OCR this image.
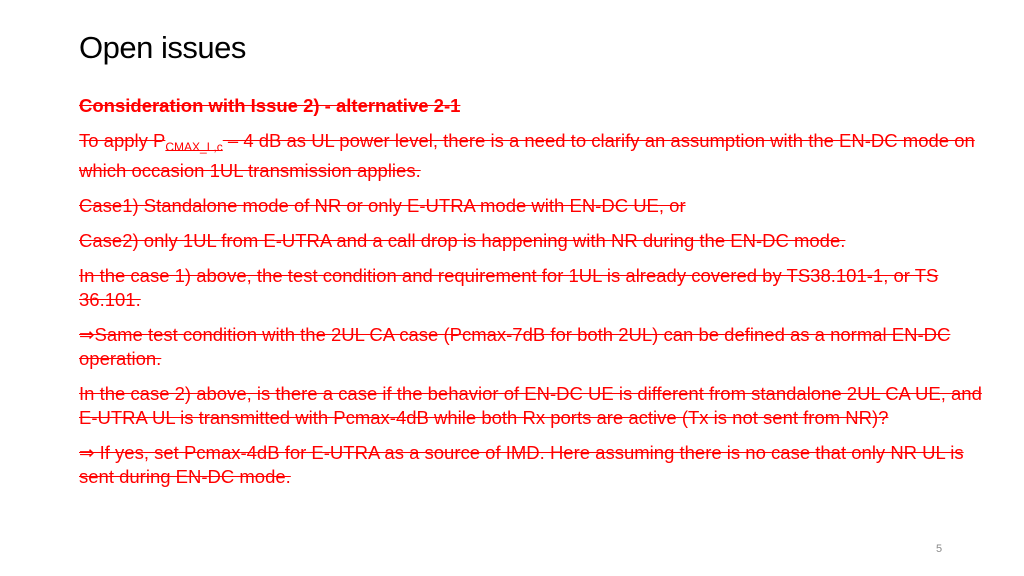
Open issues

Consideration with Issue 2) - alternative 2-1

To apply $P_{CMAX\_L,c} - 4$ dB as UL power level, there is a need to clarify an assumption with the EN-DC mode on which occasion 1UL transmission applies.

Case1) Standalone mode of NR or only E-UTRA mode with EN-DC UE, or

Case2) only 1UL from E-UTRA and a call drop is happening with NR during the EN-DC mode.

In the case 1) above, the test condition and requirement for 1UL is already covered by TS38.101-1, or TS 36.101.

⇒Same test condition with the 2UL CA case (Pcmax-7dB for both 2UL) can be defined as a normal EN-DC operation.

In the case 2) above, is there a case if the behavior of EN-DC UE is different from standalone 2UL CA UE, and E-UTRA UL is transmitted with Pcmax-4dB while both Rx ports are active (Tx is not sent from NR)?

⇒ If yes, set Pcmax-4dB for E-UTRA as a source of IMD. Here assuming there is no case that only NR UL is sent during EN-DC mode.

5
